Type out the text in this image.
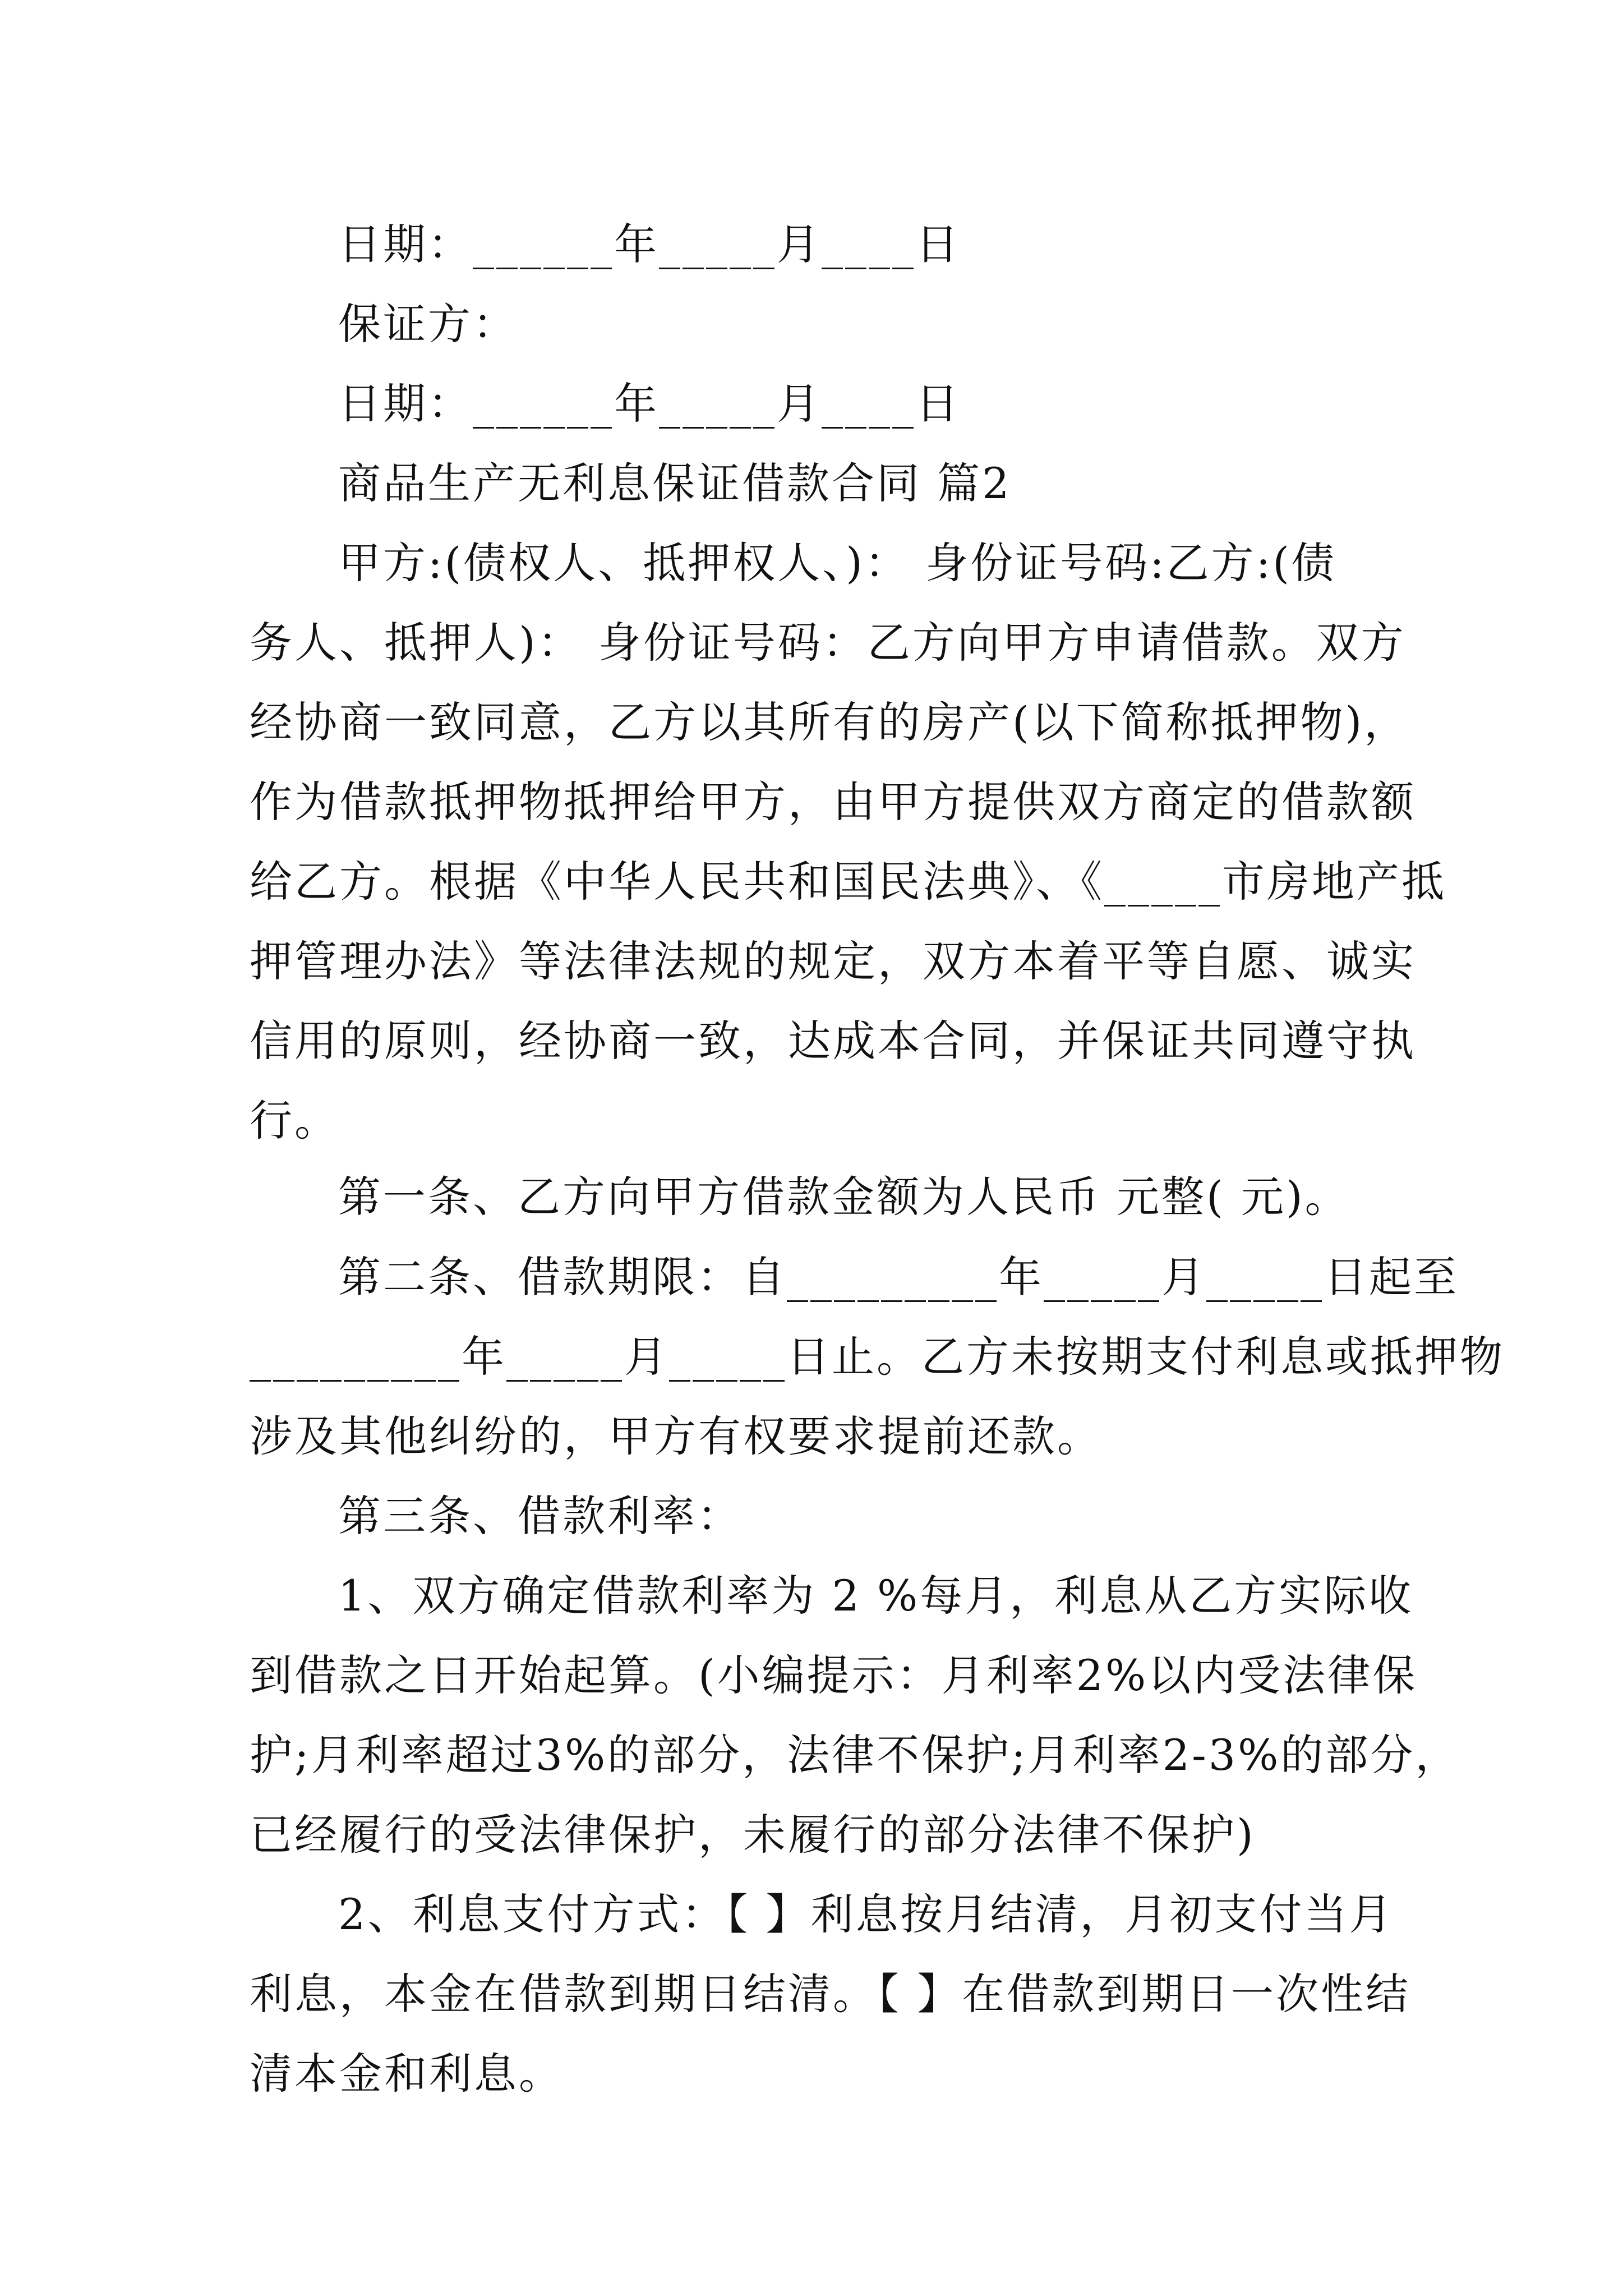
日期：______年_____月____日
保证方：
日期：______年_____月____日
商品生产无利息保证借款合同 篇2
甲方:(债权人、抵押权人、)： 身份证号码:乙方:(债
务人、抵押人)： 身份证号码：乙方向甲方申请借款。双方
经协商一致同意，乙方以其所有的房产(以下简称抵押物)，
作为借款抵押物抵押给甲方，由甲方提供双方商定的借款额
给乙方。根据《中华人民共和国民法典》、《_____市房地产抵
押管理办法》等法律法规的规定，双方本着平等自愿、诚实
信用的原则，经协商一致，达成本合同，并保证共同遵守执
行。
第一条、乙方向甲方借款金额为人民币 元整( 元)。
第二条、借款期限：自_________年_____月_____日起至
_________年_____月_____日止。乙方未按期支付利息或抵押物
涉及其他纠纷的，甲方有权要求提前还款。
第三条、借款利率：
1、双方确定借款利率为 2 %每月，利息从乙方实际收
到借款之日开始起算。(小编提示：月利率2%以内受法律保
护;月利率超过3%的部分，法律不保护;月利率2-3%的部分，
已经履行的受法律保护，未履行的部分法律不保护)
2、利息支付方式：【 】利息按月结清，月初支付当月
利息，本金在借款到期日结清。【 】在借款到期日一次性结
清本金和利息。
